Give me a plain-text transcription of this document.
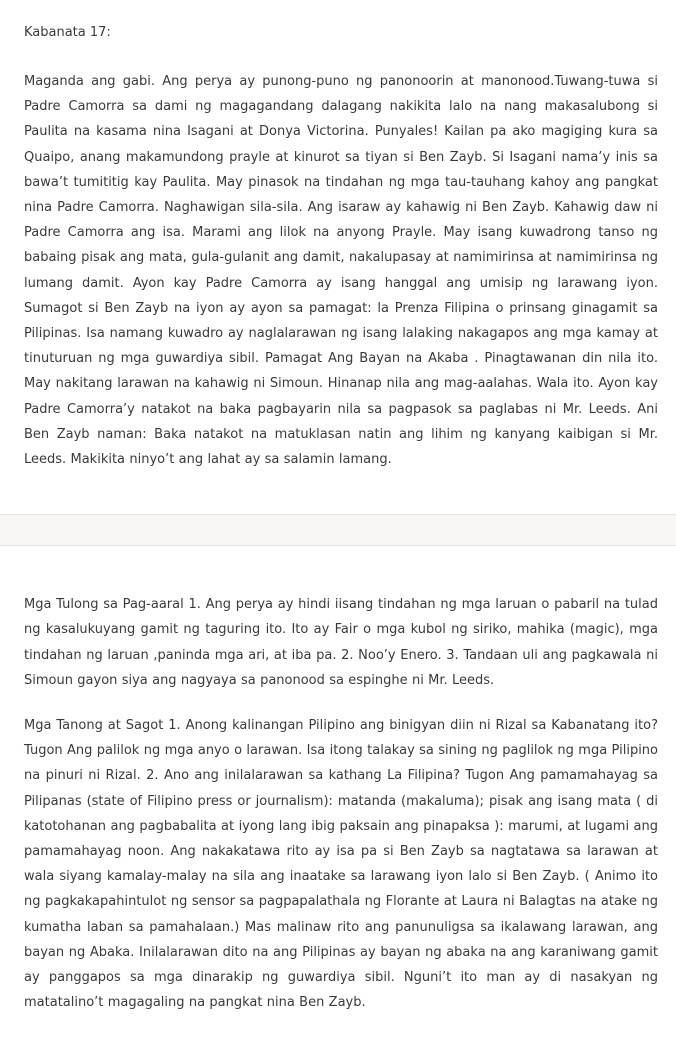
Kabanata 17:

Maganda ang gabi. Ang perya ay punong-puno ng panonoorin at manonood.Tuwang-tuwa si Padre Camorra sa dami ng magagandang dalagang nakikita lalo na nang makasalubong si Paulita na kasama nina Isagani at Donya Victorina. Punyales! Kailan pa ako magiging kura sa Quaipo, anang makamundong prayle at kinurot sa tiyan si Ben Zayb. Si Isagani nama’y inis sa bawa’t tumititig kay Paulita. May pinasok na tindahan ng mga tau-tauhang kahoy ang pangkat nina Padre Camorra. Naghawigan sila-sila. Ang isaraw ay kahawig ni Ben Zayb. Kahawig daw ni Padre Camorra ang isa. Marami ang lilok na anyong Prayle. May isang kuwadrong tanso ng babaing pisak ang mata, gula-gulanit ang damit, nakalupasay at namimirinsa at namimirinsa ng lumang damit. Ayon kay Padre Camorra ay isang hanggal ang umisip ng larawang iyon. Sumagot si Ben Zayb na iyon ay ayon sa pamagat: la Prenza Filipina o prinsang ginagamit sa Pilipinas. Isa namang kuwadro ay naglalarawan ng isang lalaking nakagapos ang mga kamay at tinuturuan ng mga guwardiya sibil. Pamagat Ang Bayan na Akaba . Pinagtawanan din nila ito. May nakitang larawan na kahawig ni Simoun. Hinanap nila ang mag-aalahas. Wala ito. Ayon kay Padre Camorra’y natakot na baka pagbayarin nila sa pagpasok sa paglabas ni Mr. Leeds. Ani Ben Zayb naman: Baka natakot na matuklasan natin ang lihim ng kanyang kaibigan si Mr. Leeds. Makikita ninyo’t ang lahat ay sa salamin lamang.

Mga Tulong sa Pag-aaral 1. Ang perya ay hindi iisang tindahan ng mga laruan o pabaril na tulad ng kasalukuyang gamit ng taguring ito. Ito ay Fair o mga kubol ng siriko, mahika (magic), mga tindahan ng laruan ,paninda mga ari, at iba pa. 2. Noo’y Enero. 3. Tandaan uli ang pagkawala ni Simoun gayon siya ang nagyaya sa panonood sa espinghe ni Mr. Leeds.

Mga Tanong at Sagot 1. Anong kalinangan Pilipino ang binigyan diin ni Rizal sa Kabanatang ito? Tugon Ang palilok ng mga anyo o larawan. Isa itong talakay sa sining ng paglilok ng mga Pilipino na pinuri ni Rizal. 2. Ano ang inilalarawan sa kathang La Filipina? Tugon Ang pamamahayag sa Pilipanas (state of Filipino press or journalism): matanda (makaluma); pisak ang isang mata ( di katotohanan ang pagbabalita at iyong lang ibig paksain ang pinapaksa ): marumi, at lugami ang pamamahayag noon. Ang nakakatawa rito ay isa pa si Ben Zayb sa nagtatawa sa larawan at wala siyang kamalay-malay na sila ang inaatake sa larawang iyon lalo si Ben Zayb. ( Animo ito ng pagkakapahintulot ng sensor sa pagpapalathala ng Florante at Laura ni Balagtas na atake ng kumatha laban sa pamahalaan.) Mas malinaw rito ang panunuligsa sa ikalawang larawan, ang bayan ng Abaka. Inilalarawan dito na ang Pilipinas ay bayan ng abaka na ang karaniwang gamit ay panggapos sa mga dinarakip ng guwardiya sibil. Nguni’t ito man ay di nasakyan ng matatalino’t magagaling na pangkat nina Ben Zayb.
